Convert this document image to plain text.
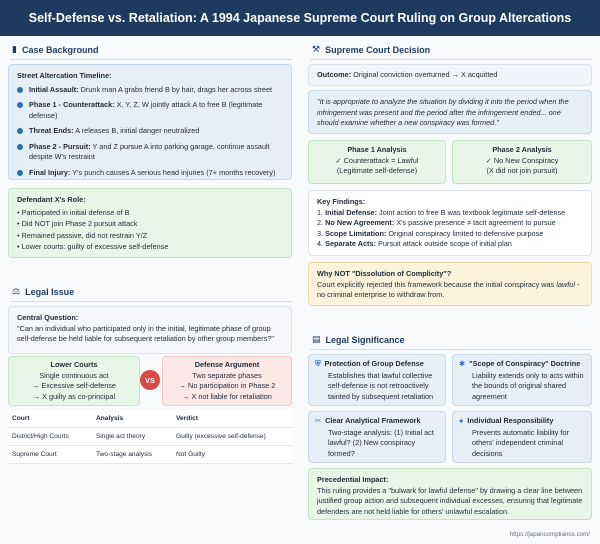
Self-Defense vs. Retaliation: A 1994 Japanese Supreme Court Ruling on Group Altercations
▮ Case Background
Street Altercation Timeline:
Initial Assault: Drunk man A grabs friend B by hair, drags her across street
Phase 1 - Counterattack: X, Y, Z, W jointly attack A to free B (legitimate defense)
Threat Ends: A releases B, initial danger neutralized
Phase 2 - Pursuit: Y and Z pursue A into parking garage, continue assault despite W's restraint
Final Injury: Y's punch causes A serious head injuries (7+ months recovery)
Defendant X's Role:
• Participated in initial defense of B
• Did NOT join Phase 2 pursuit attack
• Remained passive, did not restrain Y/Z
• Lower courts: guilty of excessive self-defense
⚖ Legal Issue
Central Question:
"Can an individual who participated only in the initial, legitimate phase of group self-defense be held liable for subsequent retaliation by other group members?"
Lower Courts
Single continuous act
→ Excessive self-defense
→ X guilty as co-principal
VS
Defense Argument
Two separate phases
→ No participation in Phase 2
→ X not liable for retaliation
Court	Analysis	Verdict
District/High Courts	Single act theory	Guilty (excessive self-defense)
Supreme Court	Two-stage analysis	Not Guilty
⚒ Supreme Court Decision
Outcome: Original conviction overturned → X acquitted
"It is appropriate to analyze the situation by dividing it into the period when the infringement was present and the period after the infringement ended... one should examine whether a new conspiracy was formed."
Phase 1 Analysis
✓ Counterattack = Lawful
(Legitimate self-defense)
Phase 2 Analysis
✓ No New Conspiracy
(X did not join pursuit)
Key Findings:
1. Initial Defense: Joint action to free B was textbook legitimate self-defense
2. No New Agreement: X's passive presence ≠ tacit agreement to pursue
3. Scope Limitation: Original conspiracy limited to defensive purpose
4. Separate Acts: Pursuit attack outside scope of initial plan
Why NOT "Dissolution of Complicity"?
Court explicitly rejected this framework because the initial conspiracy was lawful - no criminal enterprise to withdraw from.
▤ Legal Significance
⛨ Protection of Group Defense
Establishes that lawful collective self-defense is not retroactively tainted by subsequent retaliation
✱ "Scope of Conspiracy" Doctrine
Liability extends only to acts within the bounds of original shared agreement
✂ Clear Analytical Framework
Two-stage analysis: (1) Initial act lawful? (2) New conspiracy formed?
● Individual Responsibility
Prevents automatic liability for others' independent criminal decisions
Precedential Impact:
This ruling provides a "bulwark for lawful defense" by drawing a clear line between justified group action and subsequent individual excesses, ensuring that legitimate defenders are not held liable for others' unlawful escalation.
https://japancompliance.com/
